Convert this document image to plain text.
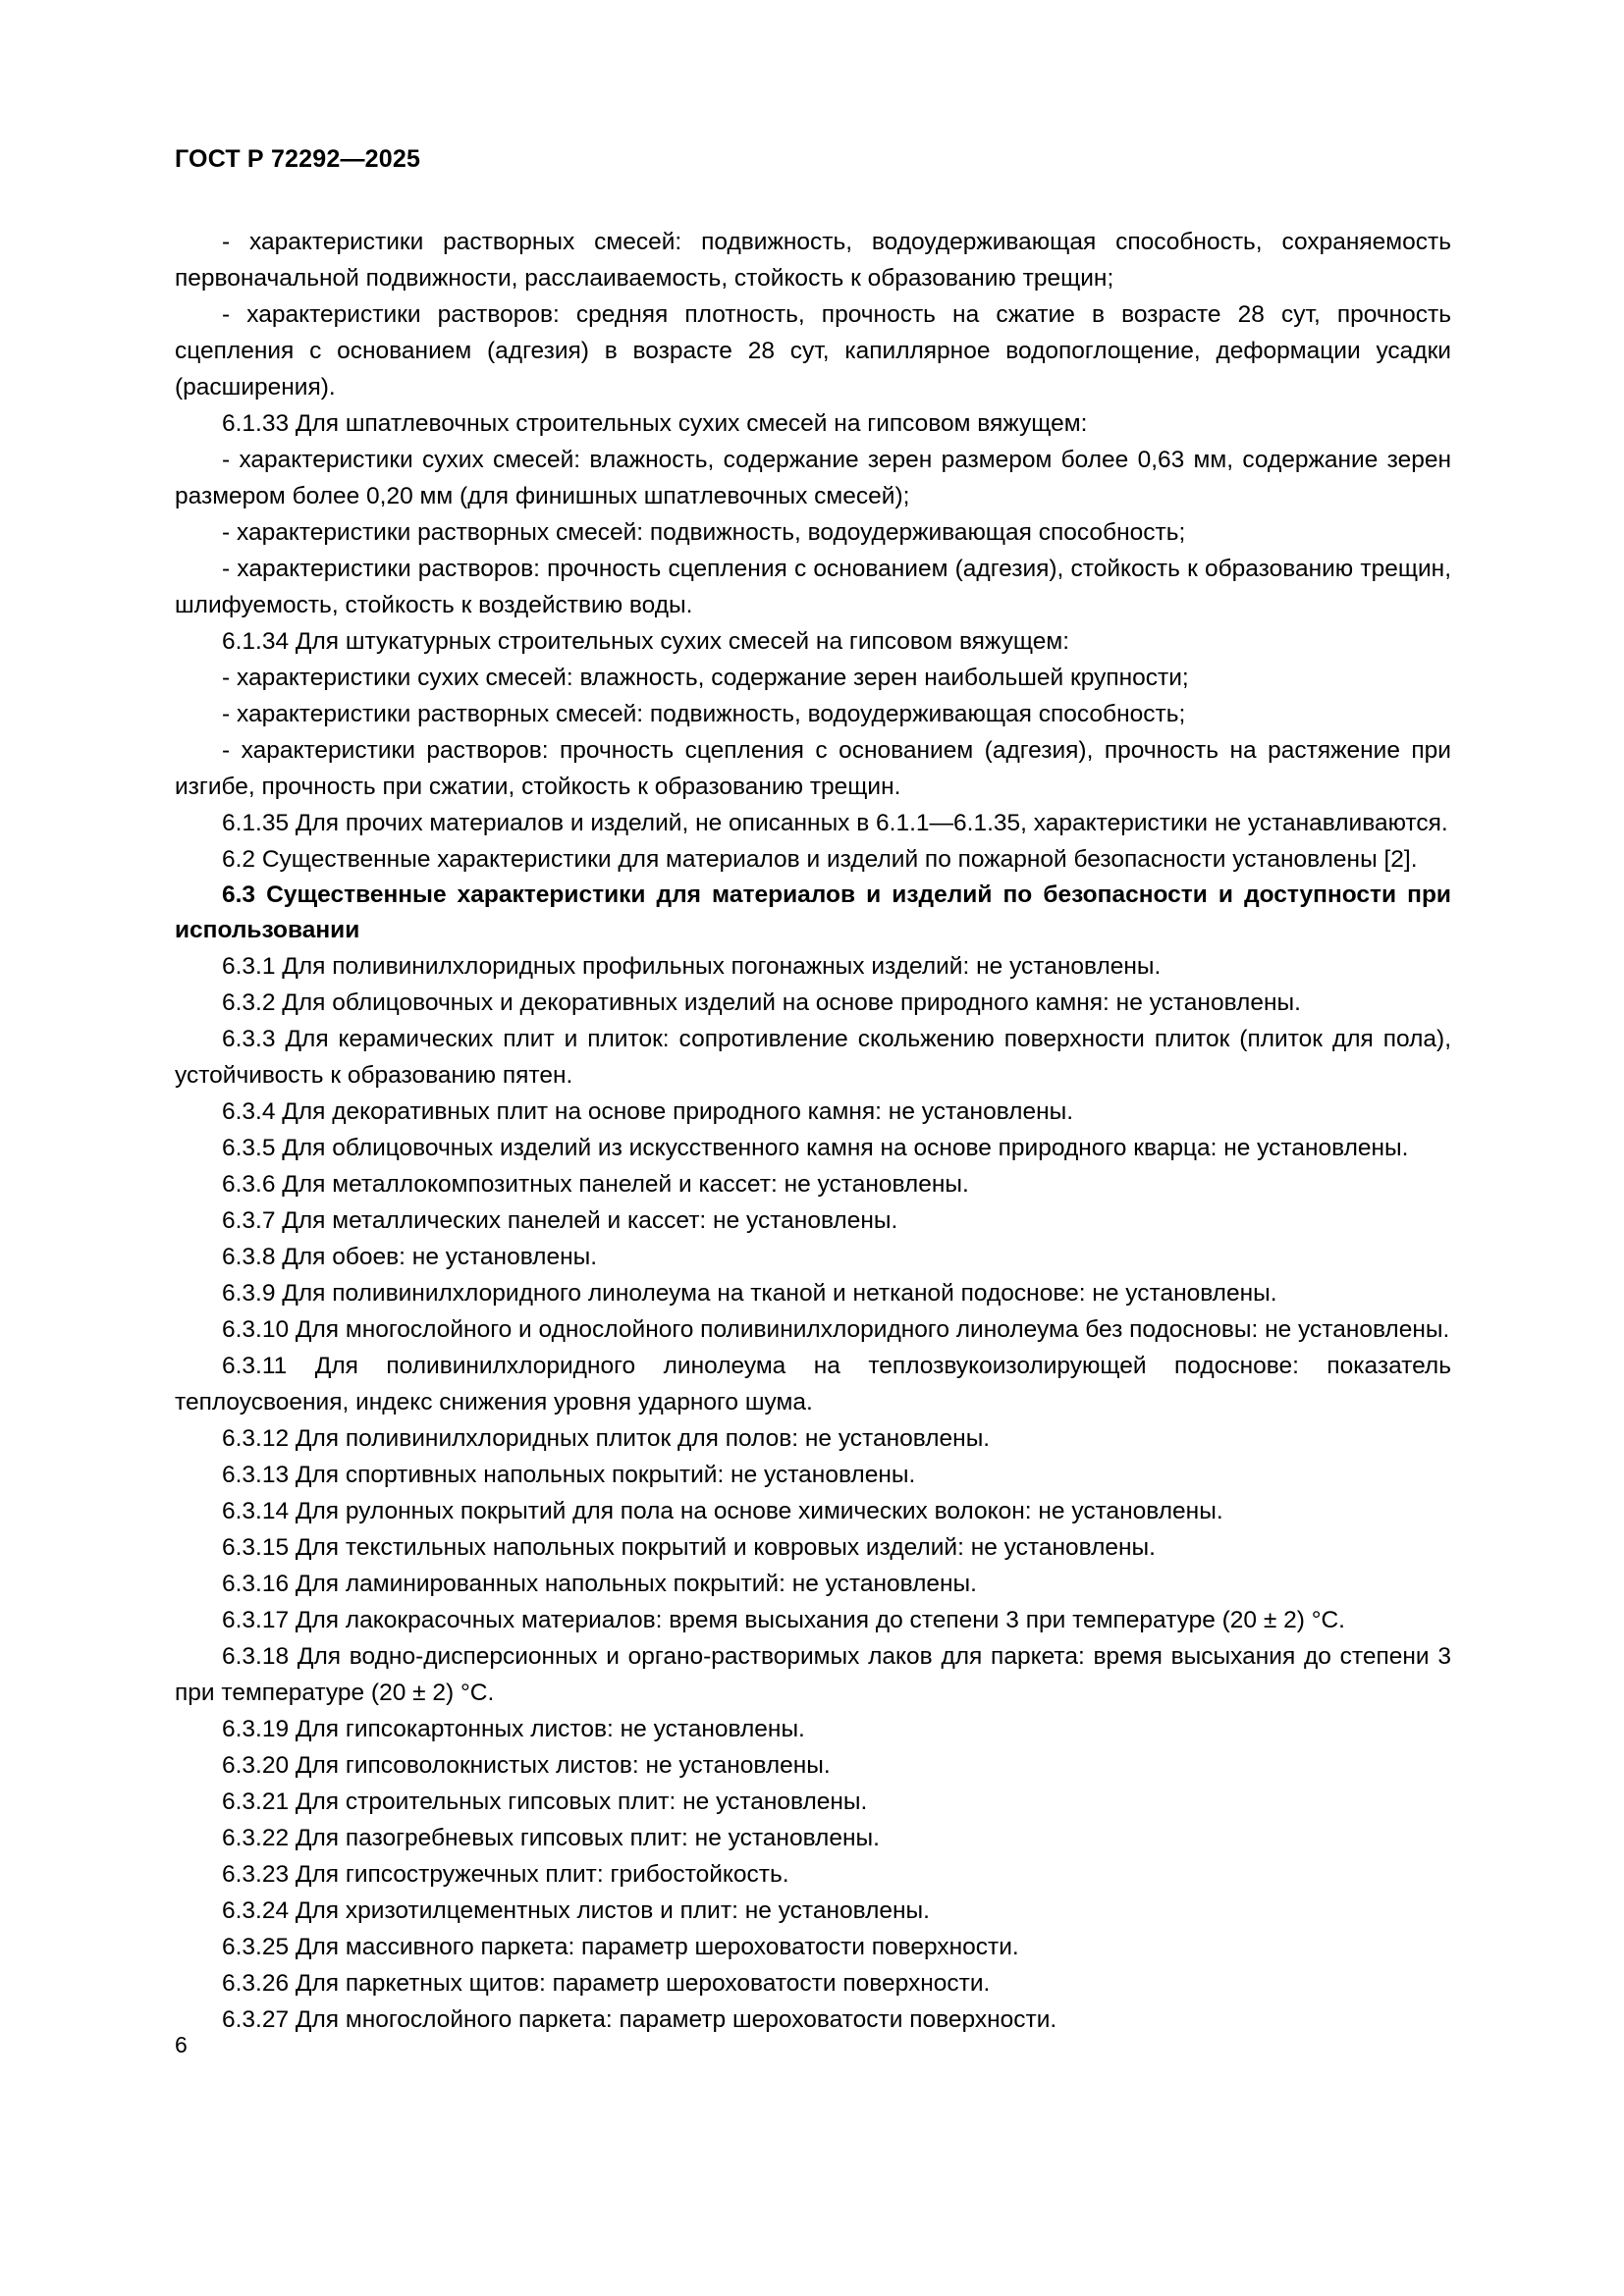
ГОСТ Р 72292—2025

- характеристики растворных смесей: подвижность, водоудерживающая способность, сохраняемость первоначальной подвижности, расслаиваемость, стойкость к образованию трещин;

- характеристики растворов: средняя плотность, прочность на сжатие в возрасте 28 сут, прочность сцепления с основанием (адгезия) в возрасте 28 сут, капиллярное водопоглощение, деформации усадки (расширения).

6.1.33 Для шпатлевочных строительных сухих смесей на гипсовом вяжущем:

- характеристики сухих смесей: влажность, содержание зерен размером более 0,63 мм, содержание зерен размером более 0,20 мм (для финишных шпатлевочных смесей);

- характеристики растворных смесей: подвижность, водоудерживающая способность;

- характеристики растворов: прочность сцепления с основанием (адгезия), стойкость к образованию трещин, шлифуемость, стойкость к воздействию воды.

6.1.34 Для штукатурных строительных сухих смесей на гипсовом вяжущем:

- характеристики сухих смесей: влажность, содержание зерен наибольшей крупности;

- характеристики растворных смесей: подвижность, водоудерживающая способность;

- характеристики растворов: прочность сцепления с основанием (адгезия), прочность на растяжение при изгибе, прочность при сжатии, стойкость к образованию трещин.

6.1.35 Для прочих материалов и изделий, не описанных в 6.1.1—6.1.35, характеристики не устанавливаются.

6.2 Существенные характеристики для материалов и изделий по пожарной безопасности установлены [2].

6.3 Существенные характеристики для материалов и изделий по безопасности и доступности при использовании

6.3.1 Для поливинилхлоридных профильных погонажных изделий: не установлены.

6.3.2 Для облицовочных и декоративных изделий на основе природного камня: не установлены.

6.3.3 Для керамических плит и плиток: сопротивление скольжению поверхности плиток (плиток для пола), устойчивость к образованию пятен.

6.3.4 Для декоративных плит на основе природного камня: не установлены.

6.3.5 Для облицовочных изделий из искусственного камня на основе природного кварца: не установлены.

6.3.6 Для металлокомпозитных панелей и кассет: не установлены.

6.3.7 Для металлических панелей и кассет: не установлены.

6.3.8 Для обоев: не установлены.

6.3.9 Для поливинилхлоридного линолеума на тканой и нетканой подоснове: не установлены.

6.3.10 Для многослойного и однослойного поливинилхлоридного линолеума без подосновы: не установлены.

6.3.11 Для поливинилхлоридного линолеума на теплозвукоизолирующей подоснове: показатель теплоусвоения, индекс снижения уровня ударного шума.

6.3.12 Для поливинилхлоридных плиток для полов: не установлены.

6.3.13 Для спортивных напольных покрытий: не установлены.

6.3.14 Для рулонных покрытий для пола на основе химических волокон: не установлены.

6.3.15 Для текстильных напольных покрытий и ковровых изделий: не установлены.

6.3.16 Для ламинированных напольных покрытий: не установлены.

6.3.17 Для лакокрасочных материалов: время высыхания до степени 3 при температуре (20 ± 2) °С.

6.3.18 Для водно-дисперсионных и органо-растворимых лаков для паркета: время высыхания до степени 3 при температуре (20 ± 2) °С.

6.3.19 Для гипсокартонных листов: не установлены.

6.3.20 Для гипсоволокнистых листов: не установлены.

6.3.21 Для строительных гипсовых плит: не установлены.

6.3.22 Для пазогребневых гипсовых плит: не установлены.

6.3.23 Для гипсостружечных плит: грибостойкость.

6.3.24 Для хризотилцементных листов и плит: не установлены.

6.3.25 Для массивного паркета: параметр шероховатости поверхности.

6.3.26 Для паркетных щитов: параметр шероховатости поверхности.

6.3.27 Для многослойного паркета: параметр шероховатости поверхности.

6
